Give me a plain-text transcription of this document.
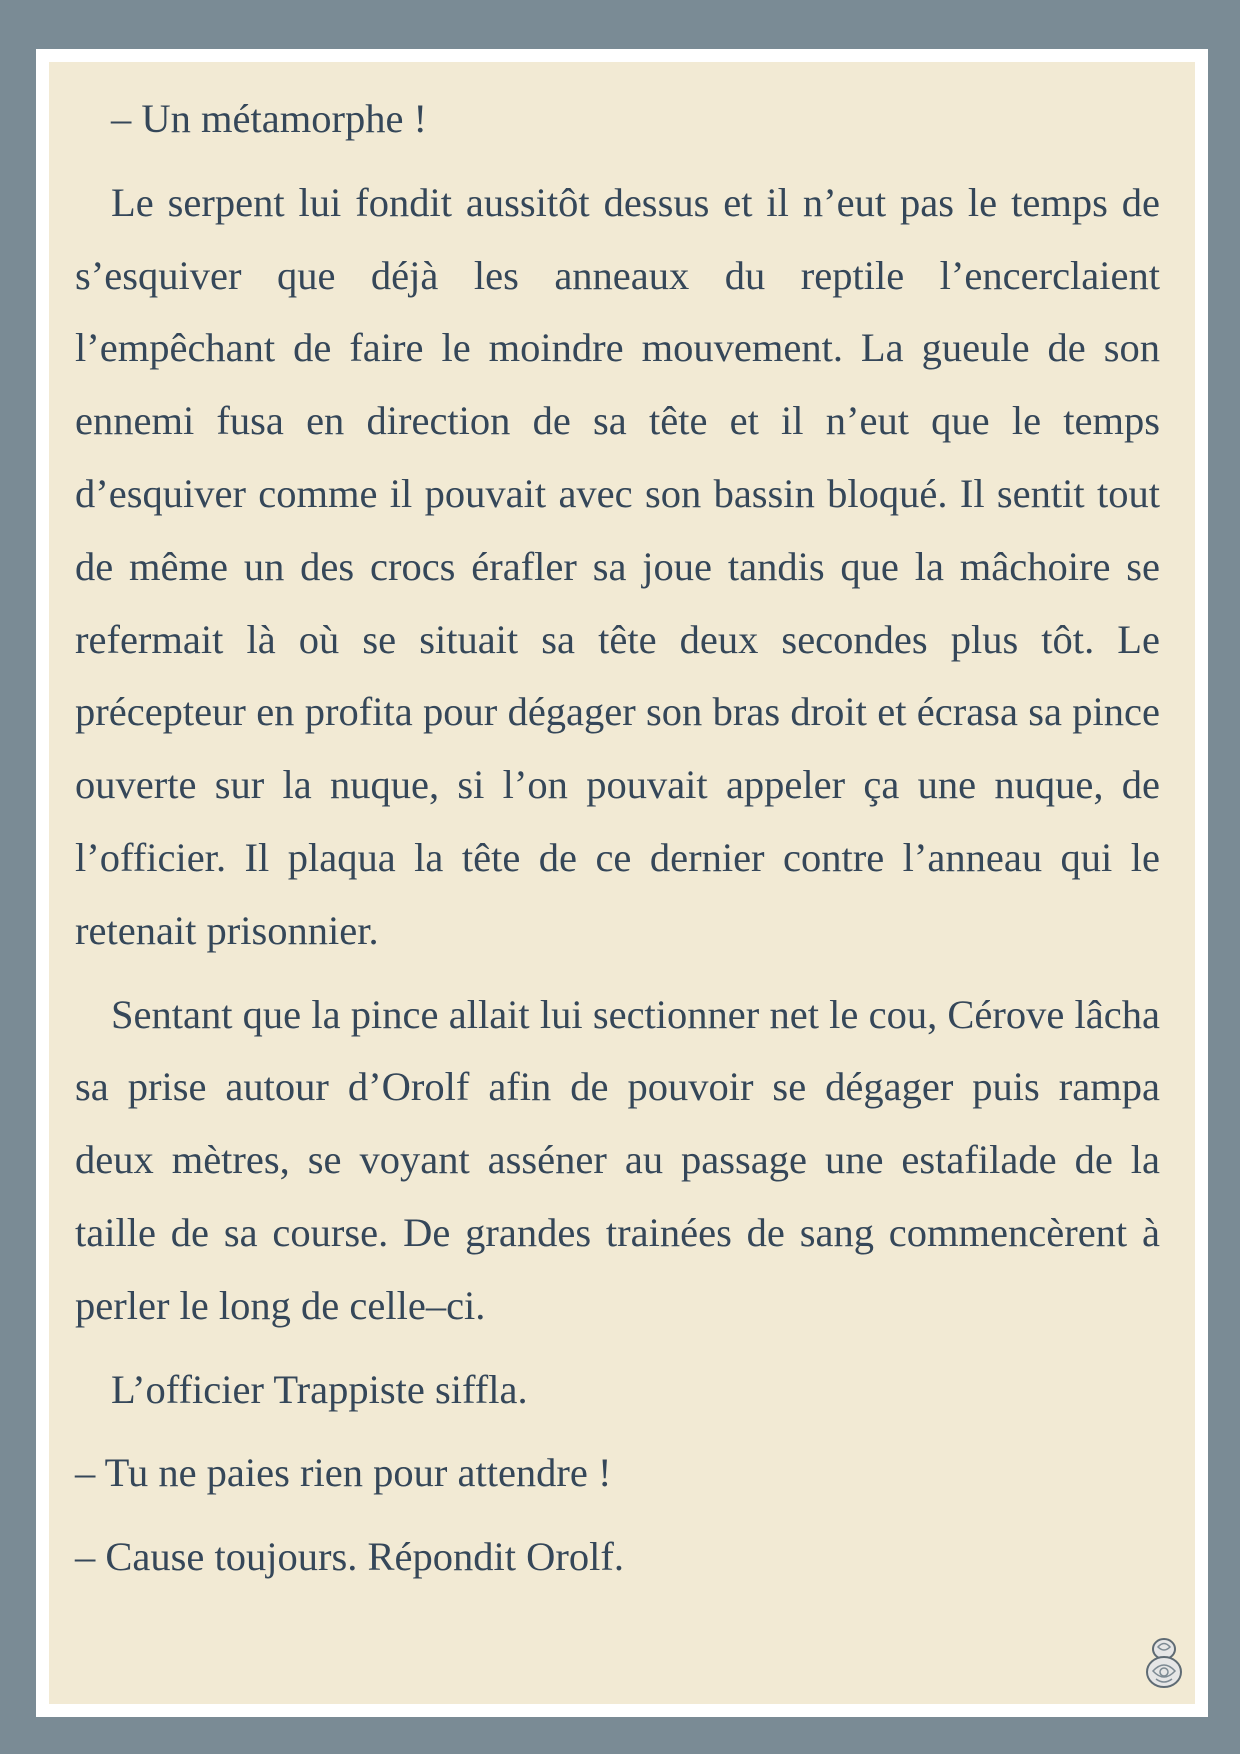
– Un métamorphe !

Le serpent lui fondit aussitôt dessus et il n’eut pas le temps de s’esquiver que déjà les anneaux du reptile l’encerclaient l’empêchant de faire le moindre mouvement. La gueule de son ennemi fusa en direction de sa tête et il n’eut que le temps d’esquiver comme il pouvait avec son bassin bloqué. Il sentit tout de même un des crocs érafler sa joue tandis que la mâchoire se refermait là où se situait sa tête deux secondes plus tôt. Le précepteur en profita pour dégager son bras droit et écrasa sa pince ouverte sur la nuque, si l’on pouvait appeler ça une nuque, de l’officier. Il plaqua la tête de ce dernier contre l’anneau qui le retenait prisonnier.

Sentant que la pince allait lui sectionner net le cou, Cérove lâcha sa prise autour d’Orolf afin de pouvoir se dégager puis rampa deux mètres, se voyant asséner au passage une estafilade de la taille de sa course. De grandes trainées de sang commencèrent à perler le long de celle–ci.

L’officier Trappiste siffla.

– Tu ne paies rien pour attendre !

– Cause toujours. Répondit Orolf.
